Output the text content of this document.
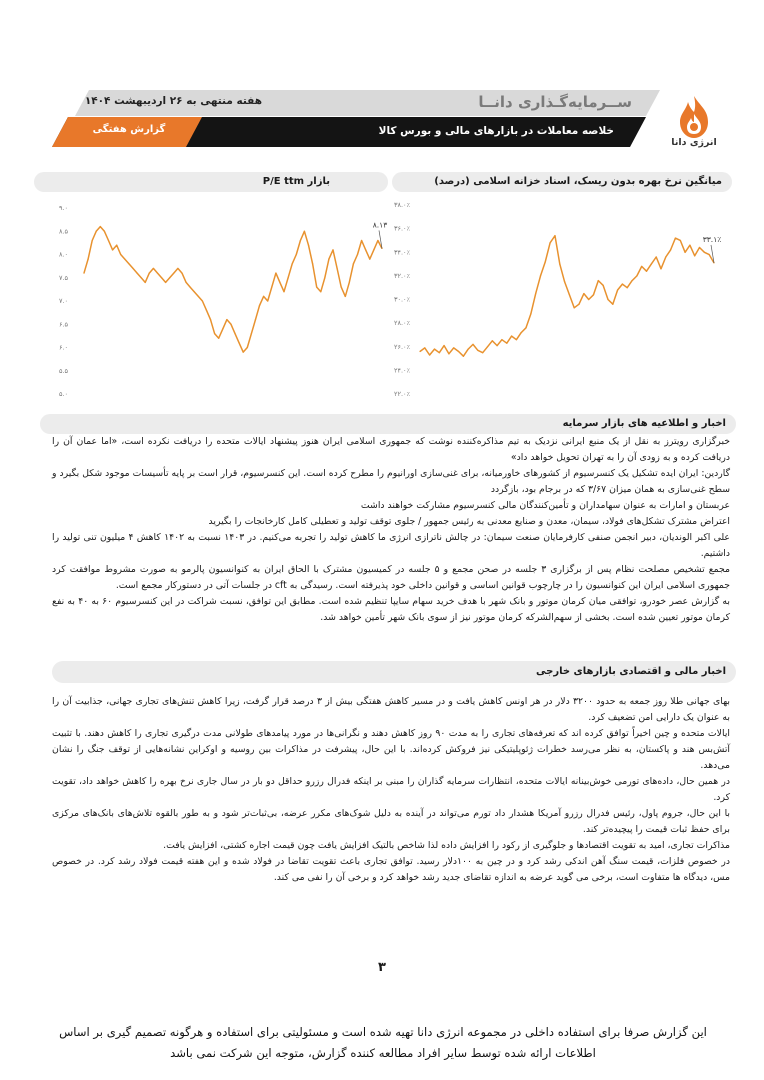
هفته منتهی به ۲۶ اردیبهشت ۱۴۰۴	ســرمایه‌گـذاری دانــا
خلاصه معاملات در بازارهای مالی و بورس کالا
گزارش هفتگی
انرژی دانا
P/E ttm بازار	میانگین نرخ بهره بدون ریسک، اسناد خزانه اسلامی (درصد)
۹.۰
۸.۵
۸.۰
۷.۵
۷.۰
۶.۵
۶.۰
۵.۵
۵.۰
۸.۱۳
۳۸.۰٪
۳۶.۰٪
۳۴.۰٪
۳۲.۰٪
۳۰.۰٪
۲۸.۰٪
۲۶.۰٪
۲۴.۰٪
۲۲.۰٪
۳۳.۱٪
اخبار و اطلاعیه های بازار سرمایه

خبرگزاری رویترز به نقل از یک منبع ایرانی نزدیک به تیم مذاکره‌کننده نوشت که جمهوری اسلامی ایران هنوز پیشنهاد ایالات متحده را دریافت نکرده است، «اما عمان آن را دریافت کرده و به زودی آن را به تهران تحویل خواهد داد»

گاردین: ایران ایده تشکیل یک کنسرسیوم از کشورهای خاورمیانه، برای غنی‌سازی اورانیوم را مطرح کرده است. این کنسرسیوم، قرار است بر پایه تأسیسات موجود شکل بگیرد و سطح غنی‌سازی به همان میزان ۳/۶۷ که در برجام بود، بازگردد

عربستان و امارات به عنوان سهامداران و تأمین‌کنندگان مالی کنسرسیوم مشارکت خواهند داشت

اعتراض مشترک تشکل‌های فولاد، سیمان، معدن و صنایع معدنی به رئیس جمهور / جلوی توقف تولید و تعطیلی کامل کارخانجات را بگیرید

علی اکبر الوندیان، دبیر انجمن صنفی کارفرمایان صنعت سیمان: در چالش ناترازی انرژی ما کاهش تولید را تجربه می‌کنیم. در ۱۴۰۳ نسبت به ۱۴۰۲ کاهش ۴ میلیون تنی تولید را داشتیم.

مجمع تشخیص مصلحت نظام پس از برگزاری ۳ جلسه در صحن مجمع و ۵ جلسه در کمیسیون مشترک با الحاق ایران به کنوانسیون پالرمو به صورت مشروط موافقت کرد جمهوری اسلامی ایران این کنوانسیون را در چارچوب قوانین اساسی و قوانین داخلی خود پذیرفته است. رسیدگی به cft در جلسات آتی در دستورکار مجمع است.

به گزارش عصر خودرو، توافقی میان کرمان موتور و بانک شهر با هدف خرید سهام سایپا تنظیم شده است. مطابق این توافق، نسبت شراکت در این کنسرسیوم ۶۰ به ۴۰ به نفع کرمان موتور تعیین شده است. بخشی از سهم‌الشرکه کرمان موتور نیز از سوی بانک شهر تأمین خواهد شد.

اخبار مالی و اقتصادی بازارهای خارجی

بهای جهانی طلا روز جمعه به حدود ۳۲۰۰ دلار در هر اونس کاهش یافت و در مسیر کاهش هفتگی بیش از ۳ درصد قرار گرفت، زیرا کاهش تنش‌های تجاری جهانی، جذابیت آن را به عنوان یک دارایی امن تضعیف کرد.

ایالات متحده و چین اخیراً توافق کرده اند که تعرفه‌های تجاری را به مدت ۹۰ روز کاهش دهند و نگرانی‌ها در مورد پیامدهای طولانی مدت درگیری تجاری را کاهش دهند. با تثبیت آتش‌بس هند و پاکستان، به نظر می‌رسد خطرات ژئوپلیتیکی نیز فروکش کرده‌اند. با این حال، پیشرفت در مذاکرات بین روسیه و اوکراین نشانه‌هایی از توقف جنگ را نشان می‌دهد.

در همین حال، داده‌های تورمی خوش‌بینانه ایالات متحده، انتظارات سرمایه گذاران را مبنی بر اینکه فدرال رزرو حداقل دو بار در سال جاری نرخ بهره را کاهش خواهد داد، تقویت کرد.

با این حال، جروم پاول، رئیس فدرال رزرو آمریکا هشدار داد تورم می‌تواند در آینده به دلیل شوک‌های مکرر عرضه، بی‌ثبات‌تر شود و به طور بالقوه تلاش‌های بانک‌های مرکزی برای حفظ ثبات قیمت را پیچیده‌تر کند.

مذاکرات تجاری، امید به تقویت اقتصادها و جلوگیری از رکود را افزایش داده لذا شاخص بالتیک افزایش یافت چون قیمت اجاره کشتی، افزایش یافت.

در خصوص فلزات، قیمت سنگ آهن اندکی رشد کرد و در چین به ۱۰۰دلار رسید. توافق تجاری باعث تقویت تقاضا در فولاد شده و این هفته قیمت فولاد رشد کرد. در خصوص مس، دیدگاه ها متفاوت است، برخی می گوید عرضه به اندازه تقاضای جدید رشد خواهد کرد و برخی آن را نفی می کند.

۳
این گزارش صرفا برای استفاده داخلی در مجموعه انرژی دانا تهیه شده است و مسئولیتی برای استفاده و هرگونه تصمیم گیری بر اساس اطلاعات ارائه شده توسط سایر افراد مطالعه کننده گزارش، متوجه این شرکت نمی باشد
